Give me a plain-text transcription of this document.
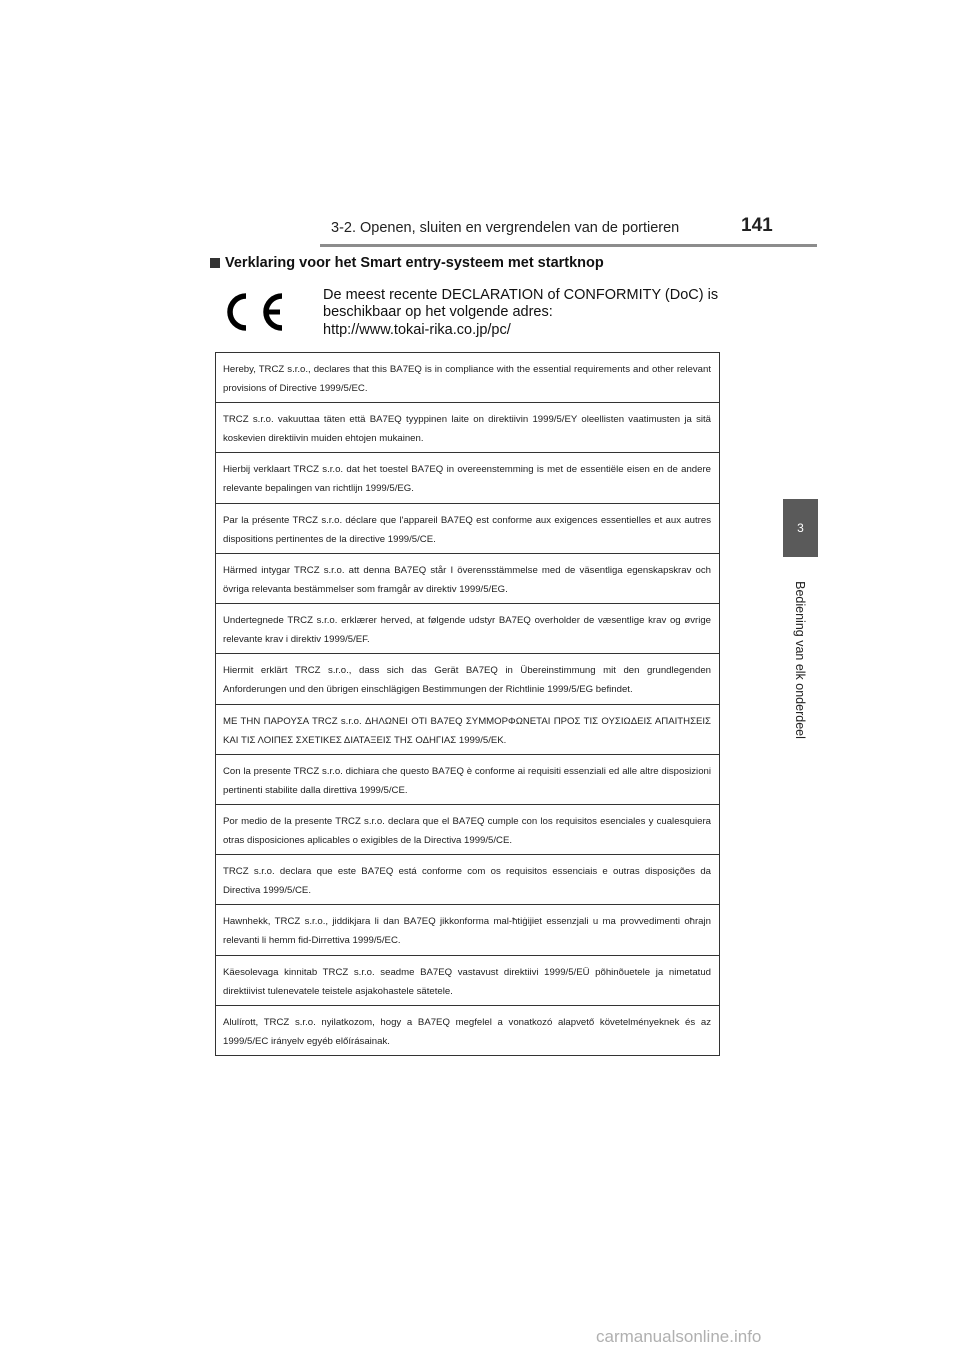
3-2. Openen, sluiten en vergrendelen van de portieren	141
3
Bediening van elk onderdeel
Verklaring voor het Smart entry-systeem met startknop
De meest recente DECLARATION of CONFORMITY (DoC) is beschikbaar op het volgende adres:
http://www.tokai-rika.co.jp/pc/
Hereby, TRCZ s.r.o., declares that this BA7EQ is in compliance with the essential requirements and other relevant provisions of Directive 1999/5/EC.
TRCZ s.r.o. vakuuttaa täten että BA7EQ tyyppinen laite on direktiivin 1999/5/EY oleellisten vaatimusten ja sitä koskevien direktiivin muiden ehtojen mukainen.
Hierbij verklaart TRCZ s.r.o. dat het toestel BA7EQ in overeenstemming is met de essentiële eisen en de andere relevante bepalingen van richtlijn 1999/5/EG.
Par la présente TRCZ s.r.o. déclare que l'appareil BA7EQ est conforme aux exigences essentielles et aux autres dispositions pertinentes de la directive 1999/5/CE.
Härmed intygar TRCZ s.r.o. att denna BA7EQ står I överensstämmelse med de väsentliga egenskapskrav och övriga relevanta bestämmelser som framgår av direktiv 1999/5/EG.
Undertegnede TRCZ s.r.o. erklærer herved, at følgende udstyr BA7EQ overholder de væsentlige krav og øvrige relevante krav i direktiv 1999/5/EF.
Hiermit erklärt TRCZ s.r.o., dass sich das Gerät BA7EQ in Übereinstimmung mit den grundlegenden Anforderungen und den übrigen einschlägigen Bestimmungen der Richtlinie 1999/5/EG befindet.
ΜΕ ΤΗΝ ΠΑΡΟΥΣΑ TRCZ s.r.o. ΔΗΛΩΝΕΙ ΟΤΙ BA7EQ ΣΥΜΜΟΡΦΩΝΕΤΑΙ ΠΡΟΣ ΤΙΣ ΟΥΣΙΩΔΕΙΣ ΑΠΑΙΤΗΣΕΙΣ ΚΑΙ ΤΙΣ ΛΟΙΠΕΣ ΣΧΕΤΙΚΕΣ ΔΙΑΤΑΞΕΙΣ ΤΗΣ ΟΔΗΓΙΑΣ 1999/5/ΕΚ.
Con la presente TRCZ s.r.o. dichiara che questo BA7EQ è conforme ai requisiti essenziali ed alle altre disposizioni pertinenti stabilite dalla direttiva 1999/5/CE.
Por medio de la presente TRCZ s.r.o. declara que el BA7EQ cumple con los requisitos esenciales y cualesquiera otras disposiciones aplicables o exigibles de la Directiva 1999/5/CE.
TRCZ s.r.o. declara que este BA7EQ está conforme com os requisitos essenciais e outras disposições da Directiva 1999/5/CE.
Hawnhekk, TRCZ s.r.o., jiddikjara li dan BA7EQ jikkonforma mal-ħtiġijiet essenzjali u ma provvedimenti oħrajn relevanti li hemm fid-Dirrettiva 1999/5/EC.
Käesolevaga kinnitab TRCZ s.r.o. seadme BA7EQ vastavust direktiivi 1999/5/EÜ põhinõuetele ja nimetatud direktiivist tulenevatele teistele asjakohastele sätetele.
Alulírott, TRCZ s.r.o. nyilatkozom, hogy a BA7EQ megfelel a vonatkozó alapvető követelményeknek és az 1999/5/EC irányelv egyéb előírásainak.
carmanualsonline.info
